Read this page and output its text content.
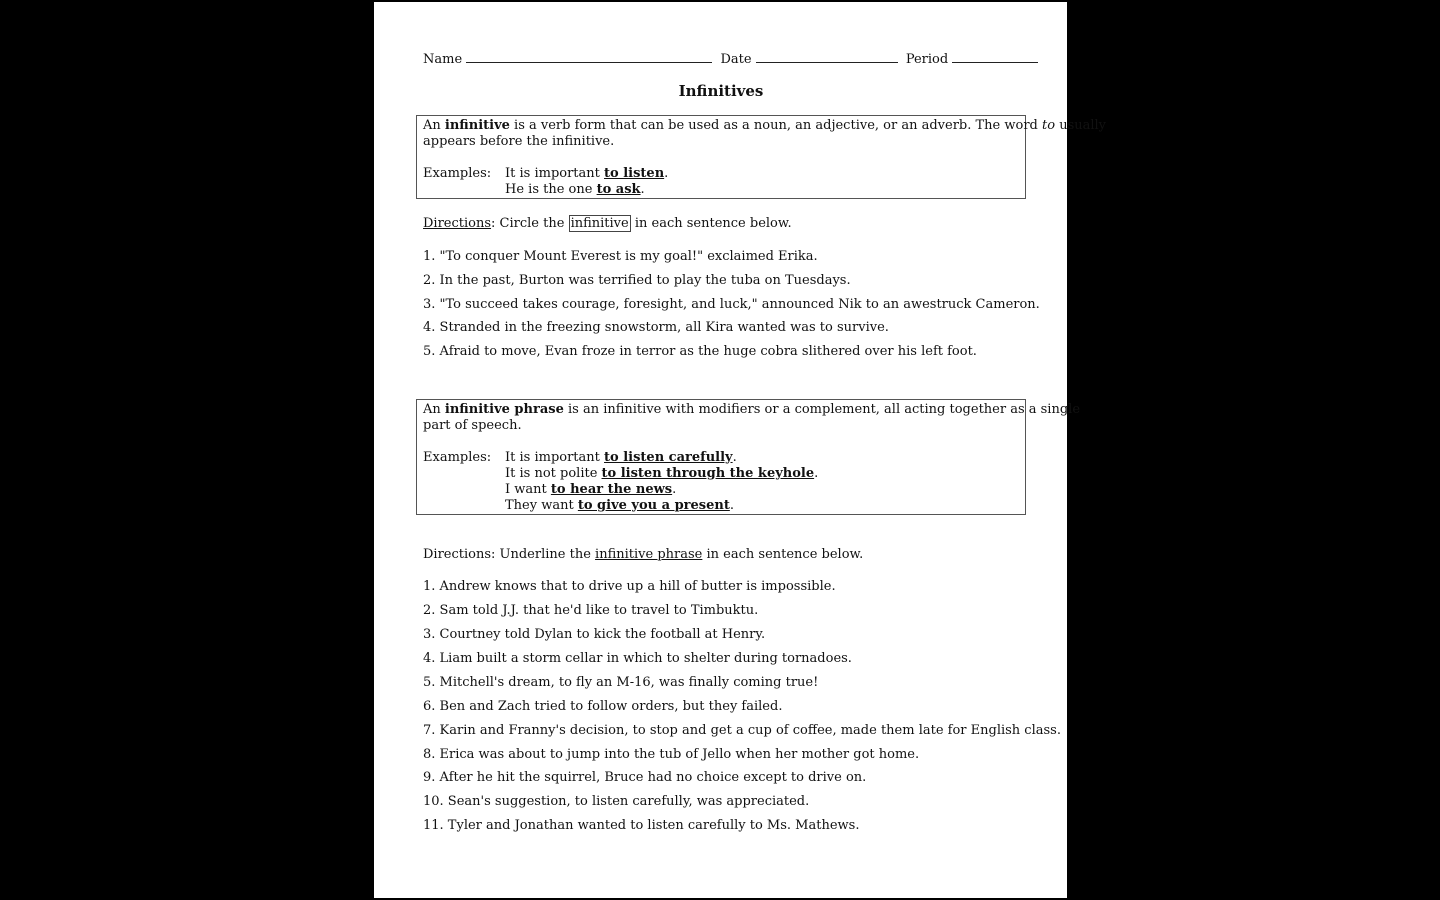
Name	Date	Period
Infinitives
An infinitive is a verb form that can be used as a noun, an adjective, or an adverb. The word to usually
appears before the infinitive.
Examples: It is important to listen.
He is the one to ask.
Directions: Circle the infinitive in each sentence below.
1. "To conquer Mount Everest is my goal!" exclaimed Erika.
2. In the past, Burton was terrified to play the tuba on Tuesdays.
3. "To succeed takes courage, foresight, and luck," announced Nik to an awestruck Cameron.
4. Stranded in the freezing snowstorm, all Kira wanted was to survive.
5. Afraid to move, Evan froze in terror as the huge cobra slithered over his left foot.
An infinitive phrase is an infinitive with modifiers or a complement, all acting together as a single
part of speech.
Examples: It is important to listen carefully.
It is not polite to listen through the keyhole.
I want to hear the news.
They want to give you a present.
Directions: Underline the infinitive phrase in each sentence below.
1. Andrew knows that to drive up a hill of butter is impossible.
2. Sam told J.J. that he'd like to travel to Timbuktu.
3. Courtney told Dylan to kick the football at Henry.
4. Liam built a storm cellar in which to shelter during tornadoes.
5. Mitchell's dream, to fly an M-16, was finally coming true!
6. Ben and Zach tried to follow orders, but they failed.
7. Karin and Franny's decision, to stop and get a cup of coffee, made them late for English class.
8. Erica was about to jump into the tub of Jello when her mother got home.
9. After he hit the squirrel, Bruce had no choice except to drive on.
10. Sean's suggestion, to listen carefully, was appreciated.
11. Tyler and Jonathan wanted to listen carefully to Ms. Mathews.
